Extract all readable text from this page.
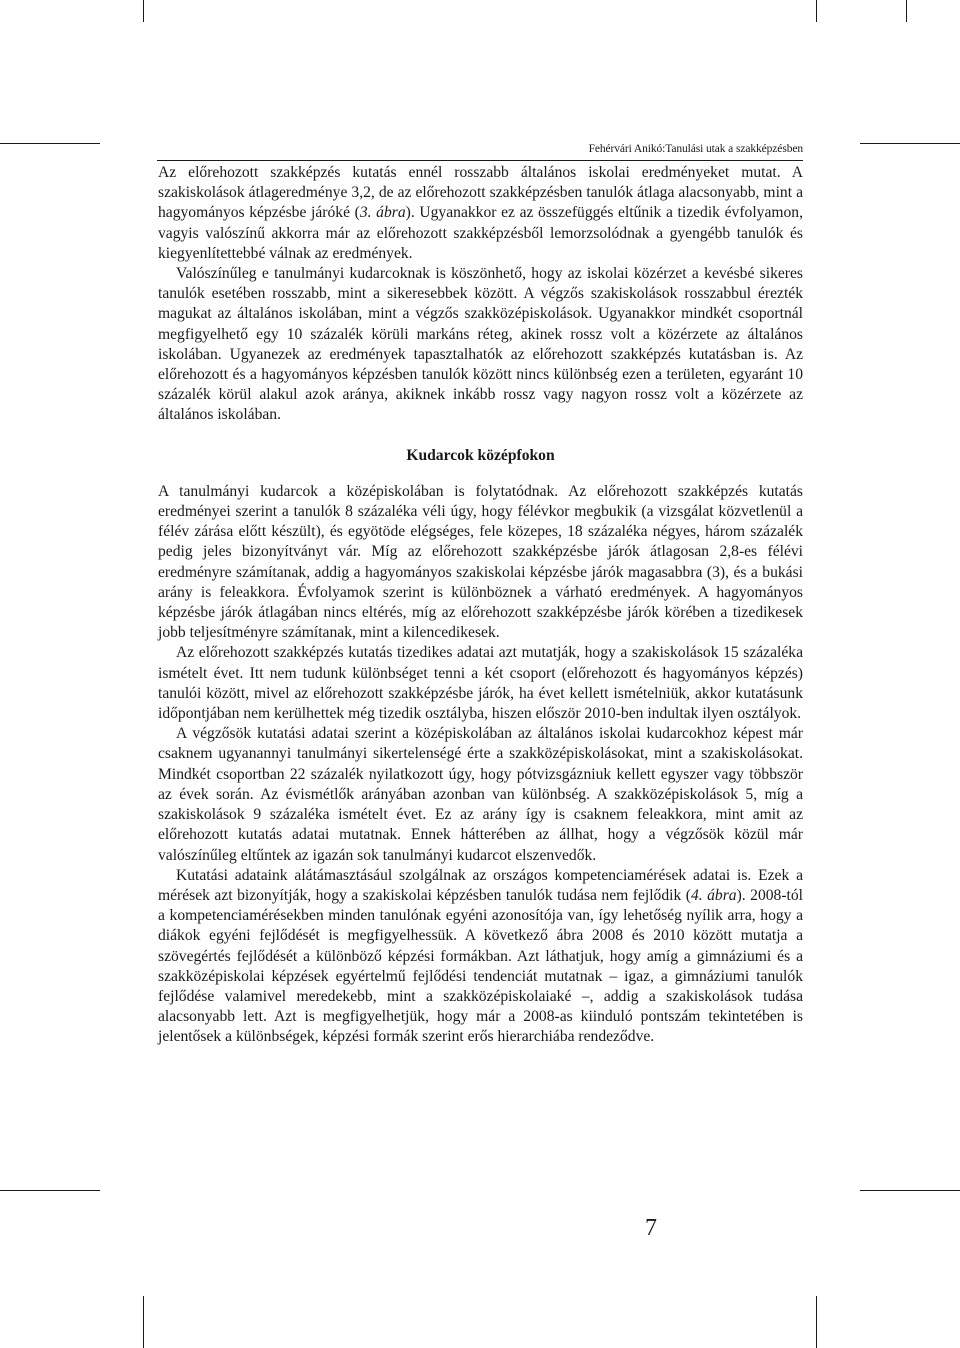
Fehérvári Anikó:Tanulási utak a szakképzésben

Az előrehozott szakképzés kutatás ennél rosszabb általános iskolai eredményeket mutat. A szakiskolások átlageredménye 3,2, de az előrehozott szakképzésben tanulók átlaga alacsonyabb, mint a hagyományos képzésbe járóké (3. ábra). Ugyanakkor ez az összefüggés eltűnik a tizedik évfolyamon, vagyis valószínű akkorra már az előrehozott szakképzésből lemorzsolódnak a gyengébb tanulók és kiegyenlítettebbé válnak az eredmények.

Valószínűleg e tanulmányi kudarcoknak is köszönhető, hogy az iskolai közérzet a kevésbé sikeres tanulók esetében rosszabb, mint a sikeresebbek között. A végzős szakiskolások rosszabbul érezték magukat az általános iskolában, mint a végzős szakközépiskolások. Ugyanakkor mindkét csoportnál megfigyelhető egy 10 százalék körüli markáns réteg, akinek rossz volt a közérzete az általános iskolában. Ugyanezek az eredmények tapasztalhatók az előrehozott szakképzés kutatásban is. Az előrehozott és a hagyományos képzésben tanulók között nincs különbség ezen a területen, egyaránt 10 százalék körül alakul azok aránya, akiknek inkább rossz vagy nagyon rossz volt a közérzete az általános iskolában.

Kudarcok középfokon

A tanulmányi kudarcok a középiskolában is folytatódnak. Az előrehozott szakképzés kutatás eredményei szerint a tanulók 8 százaléka véli úgy, hogy félévkor megbukik (a vizsgálat közvetlenül a félév zárása előtt készült), és egyötöde elégséges, fele közepes, 18 százaléka négyes, három százalék pedig jeles bizonyítványt vár. Míg az előrehozott szakképzésbe járók átlagosan 2,8-es félévi eredményre számítanak, addig a hagyományos szakiskolai képzésbe járók magasabbra (3), és a bukási arány is feleakkora. Évfolyamok szerint is különböznek a várható eredmények. A hagyományos képzésbe járók átlagában nincs eltérés, míg az előrehozott szakképzésbe járók körében a tizedikesek jobb teljesítményre számítanak, mint a kilencedikesek.

Az előrehozott szakképzés kutatás tizedikes adatai azt mutatják, hogy a szakiskolások 15 százaléka ismételt évet. Itt nem tudunk különbséget tenni a két csoport (előrehozott és hagyományos képzés) tanulói között, mivel az előrehozott szakképzésbe járók, ha évet kellett ismételniük, akkor kutatásunk időpontjában nem kerülhettek még tizedik osztályba, hiszen először 2010-ben indultak ilyen osztályok.

A végzősök kutatási adatai szerint a középiskolában az általános iskolai kudarcokhoz képest már csaknem ugyanannyi tanulmányi sikertelenségé érte a szakközépiskolásokat, mint a szakiskolásokat. Mindkét csoportban 22 százalék nyilatkozott úgy, hogy pótvizsgázniuk kellett egyszer vagy többször az évek során. Az évismétlők arányában azonban van különbség. A szakközépiskolások 5, míg a szakiskolások 9 százaléka ismételt évet. Ez az arány így is csaknem feleakkora, mint amit az előrehozott kutatás adatai mutatnak. Ennek hátterében az állhat, hogy a végzősök közül már valószínűleg eltűntek az igazán sok tanulmányi kudarcot elszenvedők.

Kutatási adataink alátámasztásául szolgálnak az országos kompetenciamérések adatai is. Ezek a mérések azt bizonyítják, hogy a szakiskolai képzésben tanulók tudása nem fejlődik (4. ábra). 2008-tól a kompetenciamérésekben minden tanulónak egyéni azonosítója van, így lehetőség nyílik arra, hogy a diákok egyéni fejlődését is megfigyelhessük. A következő ábra 2008 és 2010 között mutatja a szövegértés fejlődését a különböző képzési formákban. Azt láthatjuk, hogy amíg a gimnáziumi és a szakközépiskolai képzések egyértelmű fejlődési tendenciát mutatnak – igaz, a gimnáziumi tanulók fejlődése valamivel meredekebb, mint a szakközépiskolaiaké –, addig a szakiskolások tudása alacsonyabb lett. Azt is megfigyelhetjük, hogy már a 2008-as kiinduló pontszám tekintetében is jelentősek a különbségek, képzési formák szerint erős hierarchiába rendeződve.

7
